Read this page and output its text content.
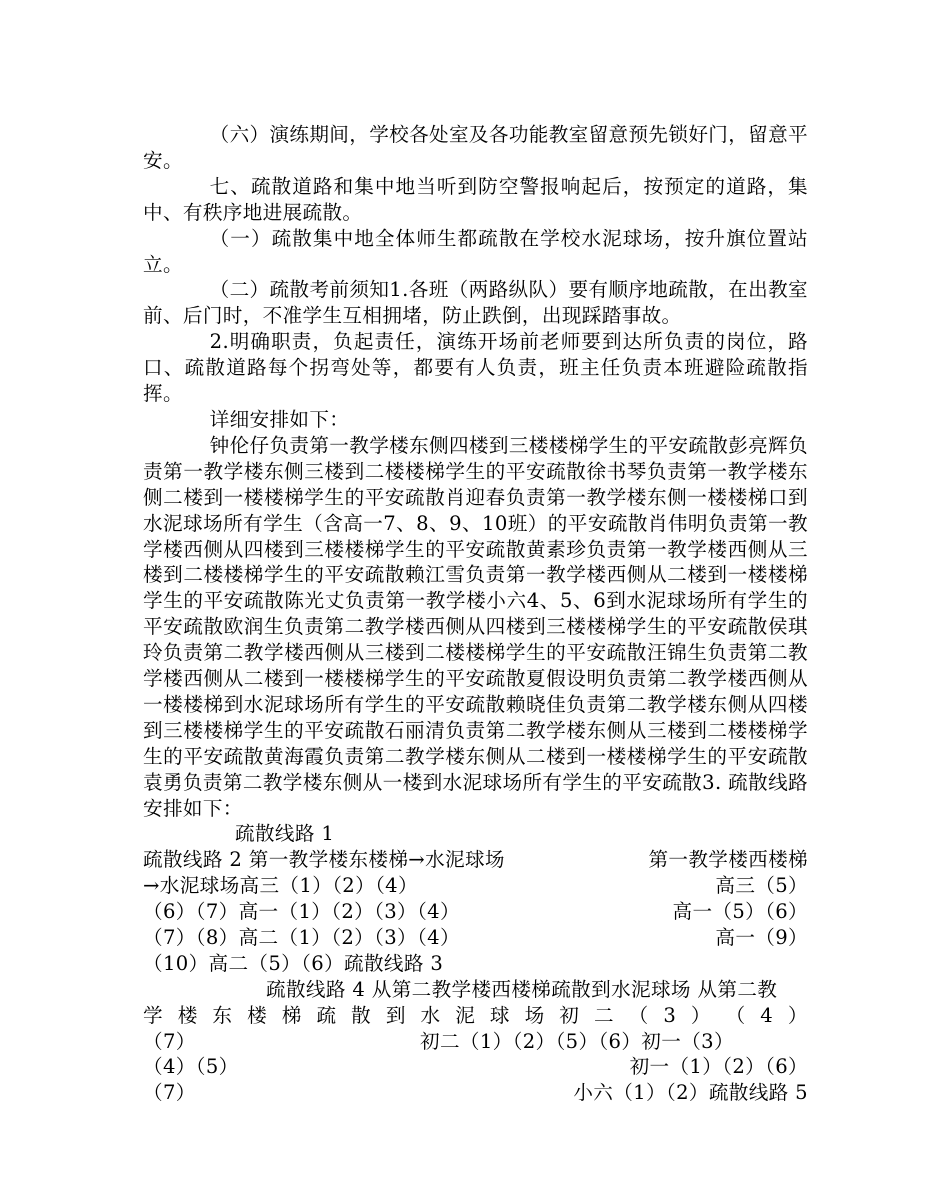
（六）演练期间，学校各处室及各功能教室留意预先锁好门，留意平安。

七、疏散道路和集中地当听到防空警报响起后，按预定的道路，集中、有秩序地进展疏散。

（一）疏散集中地全体师生都疏散在学校水泥球场，按升旗位置站立。

（二）疏散考前须知1.各班（两路纵队）要有顺序地疏散，在出教室前、后门时，不准学生互相拥堵，防止跌倒，出现踩踏事故。

2.明确职责，负起责任，演练开场前老师要到达所负责的岗位，路口、疏散道路每个拐弯处等，都要有人负责，班主任负责本班避险疏散指挥。

详细安排如下：

钟伦仔负责第一教学楼东侧四楼到三楼楼梯学生的平安疏散彭亮辉负责第一教学楼东侧三楼到二楼楼梯学生的平安疏散徐书琴负责第一教学楼东侧二楼到一楼楼梯学生的平安疏散肖迎春负责第一教学楼东侧一楼楼梯口到水泥球场所有学生（含高一7、8、9、10班）的平安疏散肖伟明负责第一教学楼西侧从四楼到三楼楼梯学生的平安疏散黄素珍负责第一教学楼西侧从三楼到二楼楼梯学生的平安疏散赖江雪负责第一教学楼西侧从二楼到一楼楼梯学生的平安疏散陈光丈负责第一教学楼小六4、5、6到水泥球场所有学生的平安疏散欧润生负责第二教学楼西侧从四楼到三楼楼梯学生的平安疏散侯琪玲负责第二教学楼西侧从三楼到二楼楼梯学生的平安疏散汪锦生负责第二教学楼西侧从二楼到一楼楼梯学生的平安疏散夏假设明负责第二教学楼西侧从一楼楼梯到水泥球场所有学生的平安疏散赖晓佳负责第二教学楼东侧从四楼到三楼楼梯学生的平安疏散石丽清负责第二教学楼东侧从三楼到二楼楼梯学生的平安疏散黄海霞负责第二教学楼东侧从二楼到一楼楼梯学生的平安疏散袁勇负责第二教学楼东侧从一楼到水泥球场所有学生的平安疏散3. 疏散线路安排如下：

疏散线路 1
疏散线路 2 第一教学楼东楼梯→水泥球场	第一教学楼西楼梯
→水泥球场高三（1）（2）（4）	高三（5）
（6）（7）高一（1）（2）（3）（4）	高一（5）（6）
（7）（8）高二（1）（2）（3）（4）	高一（9）
（10）高二（5）（6）疏散线路 3
疏散线路 4 从第二教学楼西楼梯疏散到水泥球场 从第二教
学 楼 东 楼 梯 疏 散 到 水 泥 球 场 初 二 （ 3 ） （ 4 ）
（7）	初二（1）（2）（5）（6）初一（3）
（4）（5）	初一（1）（2）（6）
（7）	小六（1）（2）疏散线路 5
